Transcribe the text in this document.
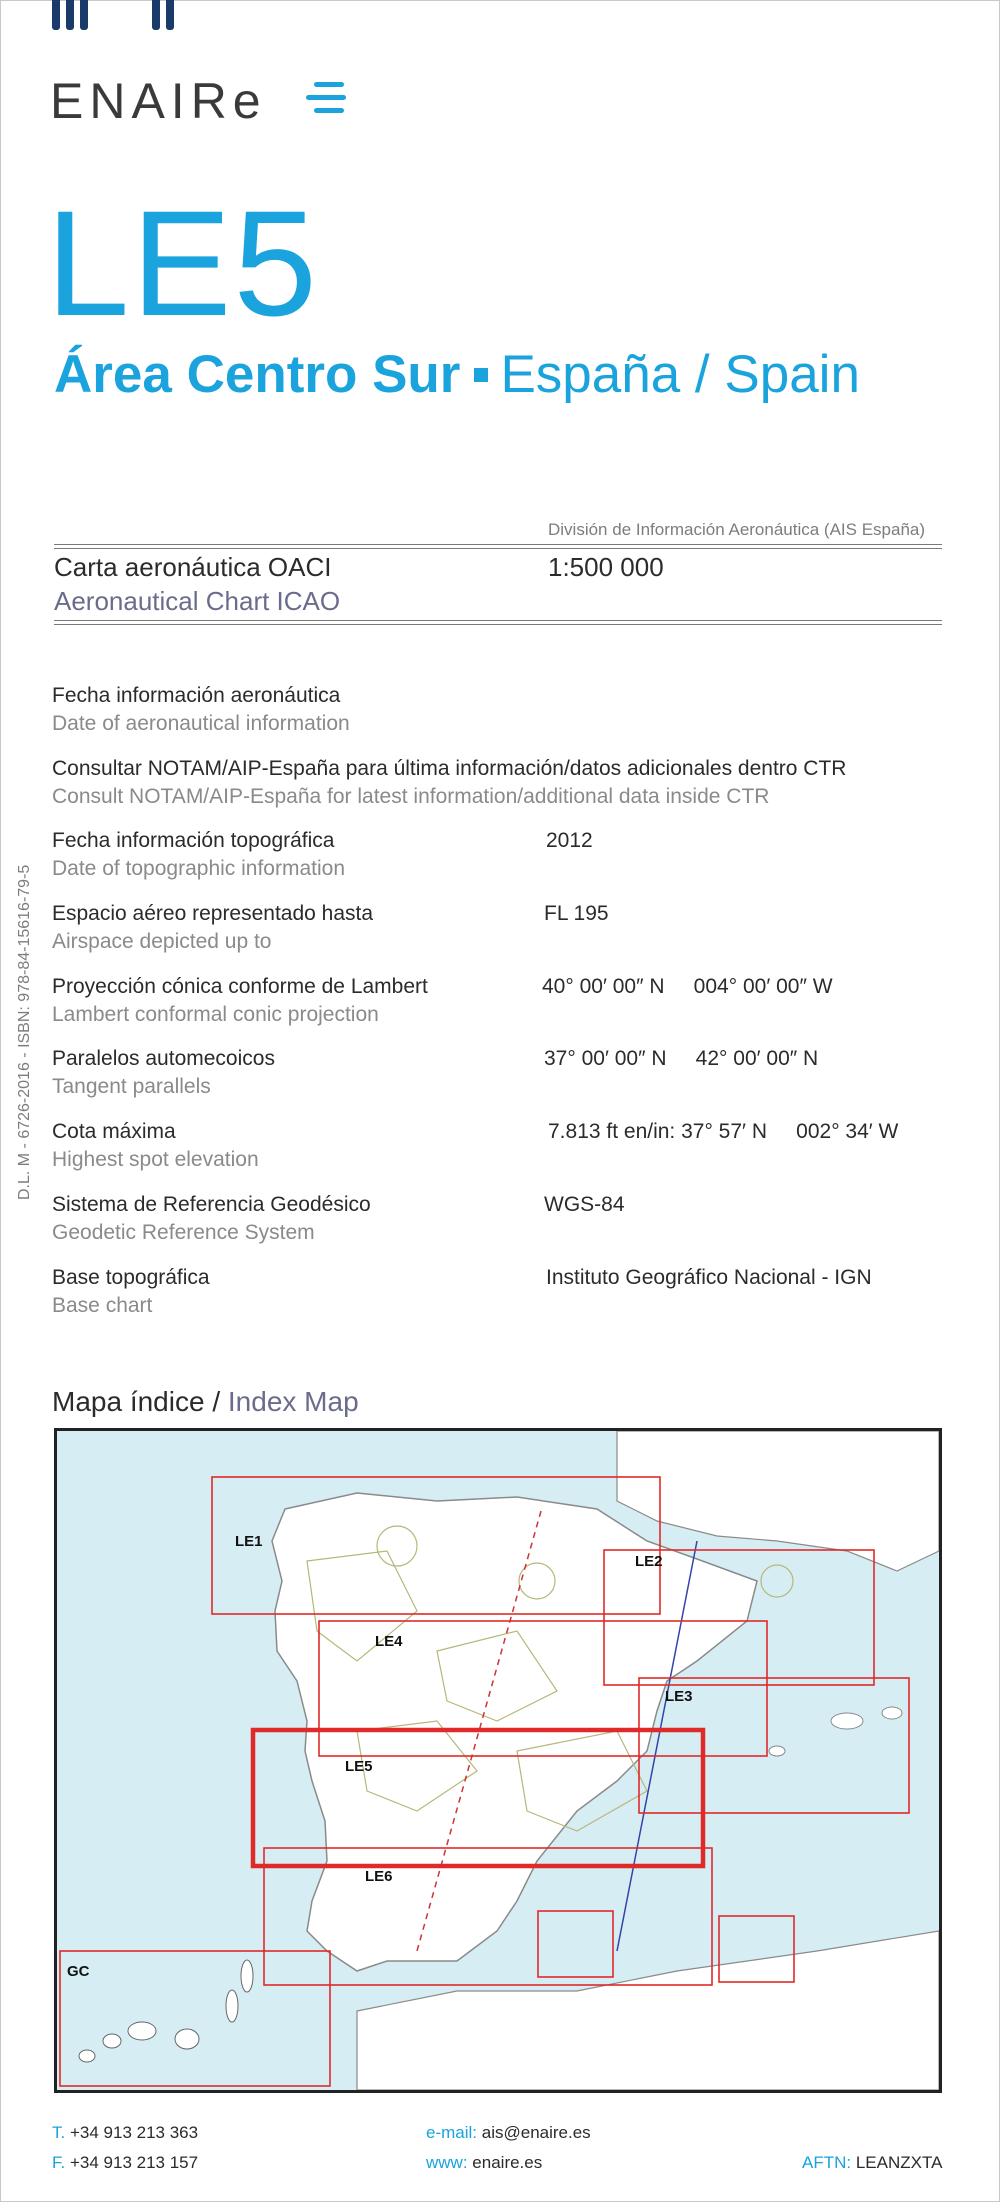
ENAIRe
LE5
Área Centro Sur España / Spain
División de Información Aeronáutica (AIS España)
Carta aeronáutica OACI
Aeronautical Chart ICAO
1:500 000
D.L. M - 6726-2016 - ISBN: 978-84-15616-79-5
Fecha información aeronáutica
Date of aeronautical information
Consultar NOTAM/AIP-España para última información/datos adicionales dentro CTR
Consult NOTAM/AIP-España for latest information/additional data inside CTR
Fecha información topográfica
Date of topographic information
2012
Espacio aéreo representado hasta
Airspace depicted up to
FL 195
Proyección cónica conforme de Lambert
Lambert conformal conic projection
40° 00′ 00″ N     004° 00′ 00″ W
Paralelos automecoicos
Tangent parallels
37° 00′ 00″ N     42° 00′ 00″ N
Cota máxima
Highest spot elevation
7.813 ft en/in: 37° 57′ N     002° 34′ W
Sistema de Referencia Geodésico
Geodetic Reference System
WGS-84
Base topográfica
Base chart
Instituto Geográfico Nacional - IGN
Mapa índice / Index Map
LE1
LE2
LE3
LE4
LE5
LE6
GC
T. +34 913 213 363
F. +34 913 213 157
e-mail: ais@enaire.es
www: enaire.es	AFTN: LEANZXTA
